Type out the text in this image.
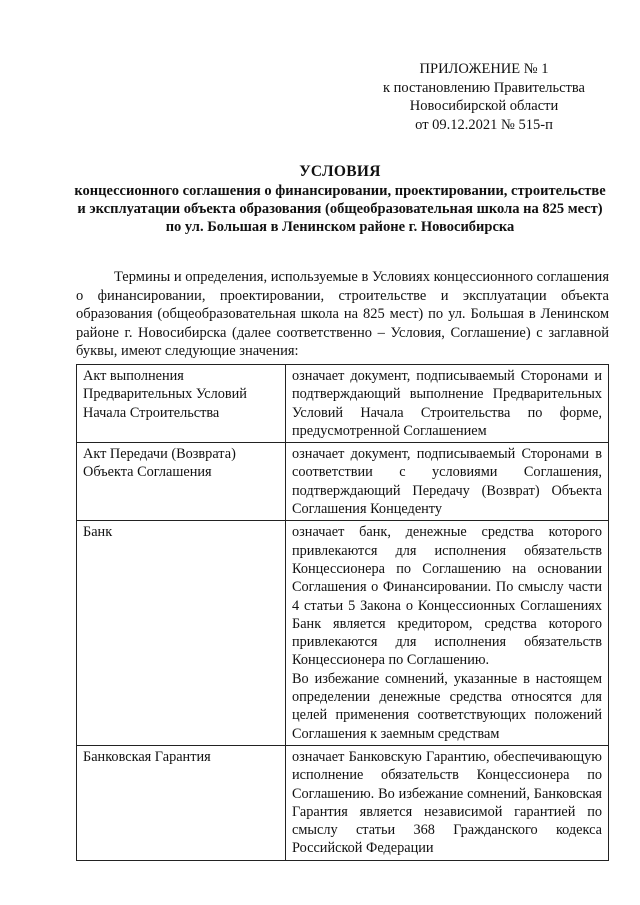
ПРИЛОЖЕНИЕ № 1
к постановлению Правительства
Новосибирской области
от 09.12.2021 № 515-п
УСЛОВИЯ
концессионного соглашения о финансировании, проектировании, строительстве и эксплуатации объекта образования (общеобразовательная школа на 825 мест) по ул. Большая в Ленинском районе г. Новосибирска

Термины и определения, используемые в Условиях концессионного соглашения о финансировании, проектировании, строительстве и эксплуатации объекта образования (общеобразовательная школа на 825 мест) по ул. Большая в Ленинском районе г. Новосибирска (далее соответственно – Условия, Соглашение) с заглавной буквы, имеют следующие значения:

Акт выполнения Предварительных Условий Начала Строительства	означает документ, подписываемый Сторонами и подтверждающий выполнение Предварительных Условий Начала Строительства по форме, предусмотренной Соглашением

Акт Передачи (Возврата) Объекта Соглашения	означает документ, подписываемый Сторонами в соответствии с условиями Соглашения, подтверждающий Передачу (Возврат) Объекта Соглашения Концеденту

Банк	означает банк, денежные средства которого привлекаются для исполнения обязательств Концессионера по Соглашению на основании Соглашения о Финансировании. По смыслу части 4 статьи 5 Закона о Концессионных Соглашениях Банк является кредитором, средства которого привлекаются для исполнения обязательств Концессионера по Соглашению.

Во избежание сомнений, указанные в настоящем определении денежные средства относятся для целей применения соответствующих положений Соглашения к заемным средствам

Банковская Гарантия	означает Банковскую Гарантию, обеспечивающую исполнение обязательств Концессионера по Соглашению. Во избежание сомнений, Банковская Гарантия является независимой гарантией по смыслу статьи 368 Гражданского кодекса Российской Федерации
